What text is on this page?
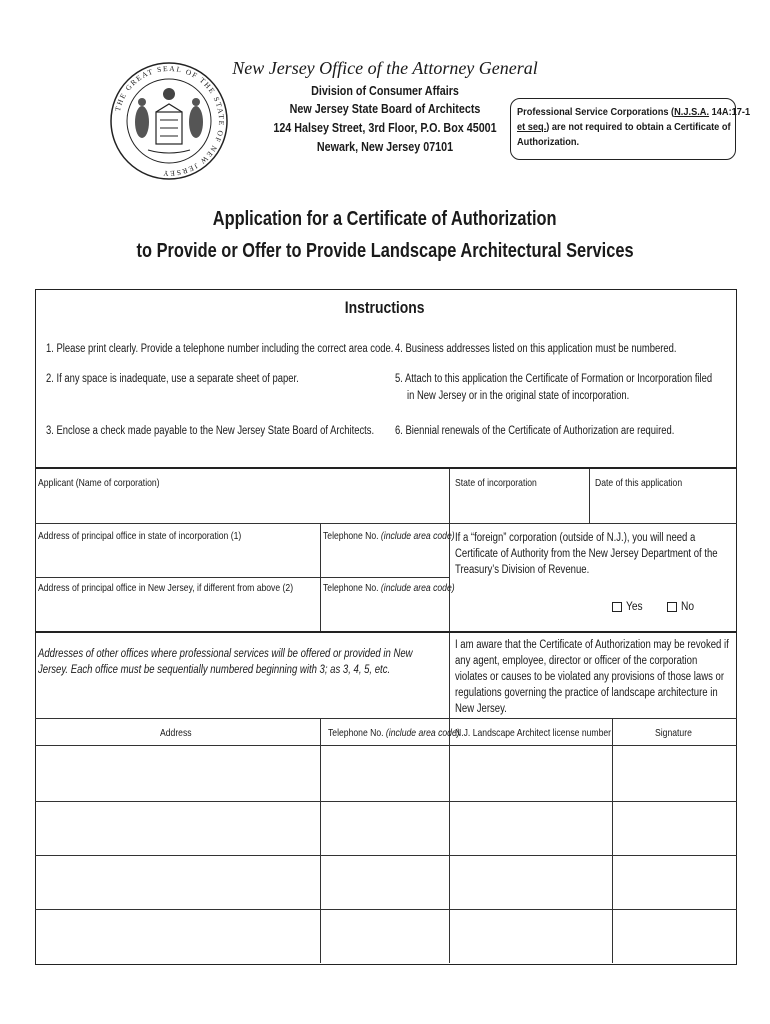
THE GREAT SEAL OF THE STATE OF NEW JERSEY
New Jersey Office of the Attorney General
Division of Consumer Affairs
New Jersey State Board of Architects
124 Halsey Street, 3rd Floor, P.O. Box 45001
Newark, New Jersey 07101
Professional Service Corporations (N.J.S.A. 14A:17-1
et seq.) are not required to obtain a Certificate of
Authorization.
Application for a Certificate of Authorization
to Provide or Offer to Provide Landscape Architectural Services
Instructions
1. Please print clearly. Provide a telephone number including the correct area code. 4. Business addresses listed on this application must be numbered.
2. If any space is inadequate, use a separate sheet of paper.	5. Attach to this application the Certificate of Formation or Incorporation filed
in New Jersey or in the original state of incorporation.
3. Enclose a check made payable to the New Jersey State Board of Architects. 6. Biennial renewals of the Certificate of Authorization are required.
Applicant (Name of corporation)	State of incorporation	Date of this application
Address of principal office in state of incorporation (1)	Telephone No. (include area code)
Address of principal office in New Jersey, if different from above (2)	Telephone No. (include area code)
If a “foreign” corporation (outside of N.J.), you will need a Certificate of Authority from the New Jersey Department of the Treasury’s Division of Revenue.
Yes	No
Addresses of other offices where professional services will be offered or provided in New Jersey. Each office must be sequentially numbered beginning with 3; as 3, 4, 5, etc.
I am aware that the Certificate of Authorization may be revoked if any agent, employee, director or officer of the corporation violates or causes to be violated any provisions of those laws or regulations governing the practice of landscape architecture in New Jersey.
Address	Telephone No. (include area code)
N.J. Landscape Architect license number	Signature
